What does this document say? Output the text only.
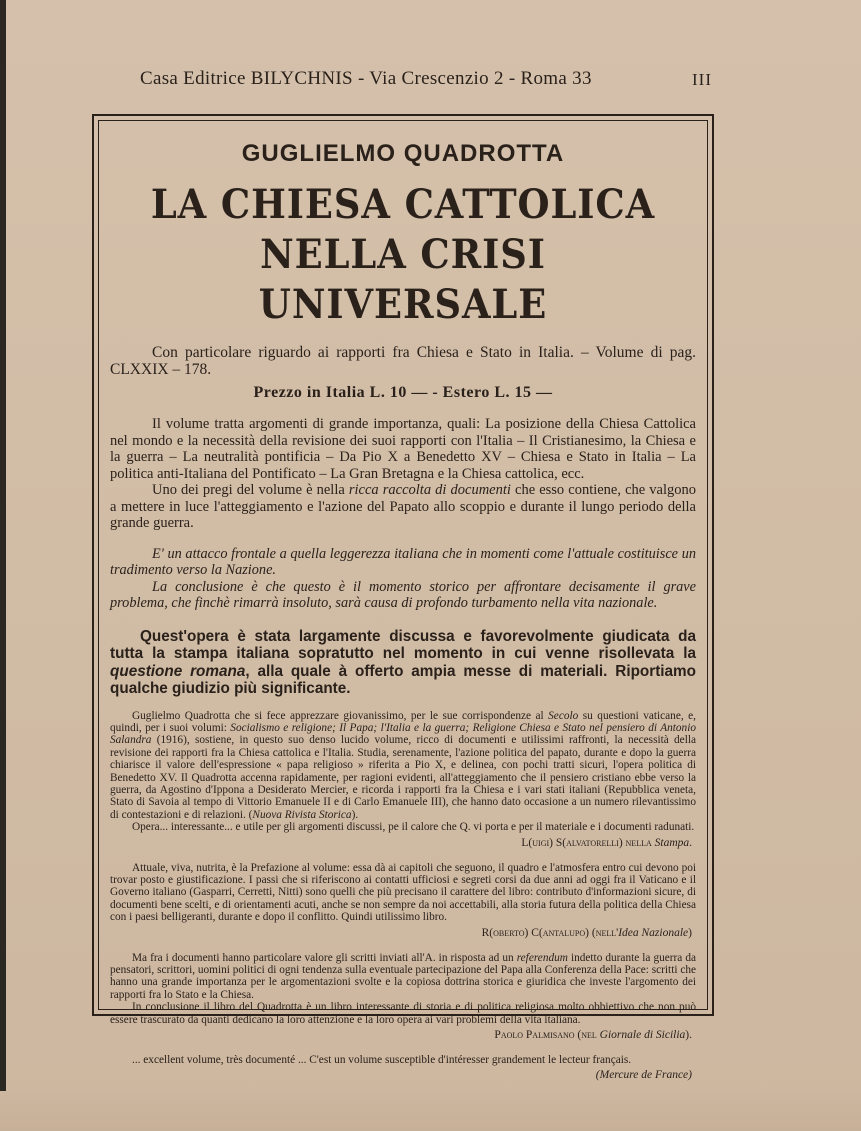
Casa Editrice BILYCHNIS - Via Crescenzio 2 - Roma 33	III

GUGLIELMO QUADROTTA

LA CHIESA CATTOLICA
NELLA CRISI UNIVERSALE

Con particolare riguardo ai rapporti fra Chiesa e Stato in Italia. – Volume di pag. CLXXIX – 178.

Prezzo in Italia L. 10 — - Estero L. 15 —

Il volume tratta argomenti di grande importanza, quali: La posizione della Chiesa Cattolica nel mondo e la necessità della revisione dei suoi rapporti con l'Italia – Il Cristianesimo, la Chiesa e la guerra – La neutralità pontificia – Da Pio X a Benedetto XV – Chiesa e Stato in Italia – La politica anti-Italiana del Pontificato – La Gran Bretagna e la Chiesa cattolica, ecc.

Uno dei pregi del volume è nella ricca raccolta di documenti che esso contiene, che valgono a mettere in luce l'atteggiamento e l'azione del Papato allo scoppio e durante il lungo periodo della grande guerra.

E' un attacco frontale a quella leggerezza italiana che in momenti come l'attuale costituisce un tradimento verso la Nazione.

La conclusione è che questo è il momento storico per affrontare decisamente il grave problema, che finchè rimarrà insoluto, sarà causa di profondo turbamento nella vita nazionale.

Quest'opera è stata largamente discussa e favorevolmente giudicata da tutta la stampa italiana sopratutto nel momento in cui venne risollevata la questione romana, alla quale à offerto ampia messe di materiali. Riportiamo qualche giudizio più significante.

Guglielmo Quadrotta che si fece apprezzare giovanissimo, per le sue corrispondenze al Secolo su questioni vaticane, e, quindi, per i suoi volumi: Socialismo e religione; Il Papa; l'Italia e la guerra; Religione Chiesa e Stato nel pensiero di Antonio Salandra (1916), sostiene, in questo suo denso lucido volume, ricco di documenti e utilissimi raffronti, la necessità della revisione dei rapporti fra la Chiesa cattolica e l'Italia. Studia, serenamente, l'azione politica del papato, durante e dopo la guerra chiarisce il valore dell'espressione « papa religioso » riferita a Pio X, e delinea, con pochi tratti sicuri, l'opera politica di Benedetto XV. Il Quadrotta accenna rapidamente, per ragioni evidenti, all'atteggiamento che il pensiero cristiano ebbe verso la guerra, da Agostino d'Ippona a Desiderato Mercier, e ricorda i rapporti fra la Chiesa e i vari stati italiani (Repubblica veneta, Stato di Savoia al tempo di Vittorio Emanuele II e di Carlo Emanuele III), che hanno dato occasione a un numero rilevantissimo di contestazioni e di relazioni. (Nuova Rivista Storica).

Opera... interessante... e utile per gli argomenti discussi, pe il calore che Q. vi porta e per il materiale e i documenti radunati.

L(uigi) S(alvatorelli) nella Stampa.

Attuale, viva, nutrita, è la Prefazione al volume: essa dà ai capitoli che seguono, il quadro e l'atmosfera entro cui devono poi trovar posto e giustificazione. I passi che si riferiscono ai contatti ufficiosi e segreti corsi da due anni ad oggi fra il Vaticano e il Governo italiano (Gasparri, Cerretti, Nitti) sono quelli che più precisano il carattere del libro: contributo d'informazioni sicure, di documenti bene scelti, e di orientamenti acuti, anche se non sempre da noi accettabili, alla storia futura della politica della Chiesa con i paesi belligeranti, durante e dopo il conflitto. Quindi utilissimo libro.

R(oberto) C(antalupo) (nell'Idea Nazionale)

Ma fra i documenti hanno particolare valore gli scritti inviati all'A. in risposta ad un referendum indetto durante la guerra da pensatori, scrittori, uomini politici di ogni tendenza sulla eventuale partecipazione del Papa alla Conferenza della Pace: scritti che hanno una grande importanza per le argomentazioni svolte e la copiosa dottrina storica e giuridica che investe l'argomento dei rapporti fra lo Stato e la Chiesa.

In conclusione il libro del Quadrotta è un libro interessante di storia e di politica religiosa molto obbiettivo che non può essere trascurato da quanti dedicano la loro attenzione e la loro opera ai vari problemi della vita italiana.

Paolo Palmisano (nel Giornale di Sicilia).

... excellent volume, très documenté ... C'est un volume susceptible d'intéresser grandement le lecteur français.

(Mercure de France)
